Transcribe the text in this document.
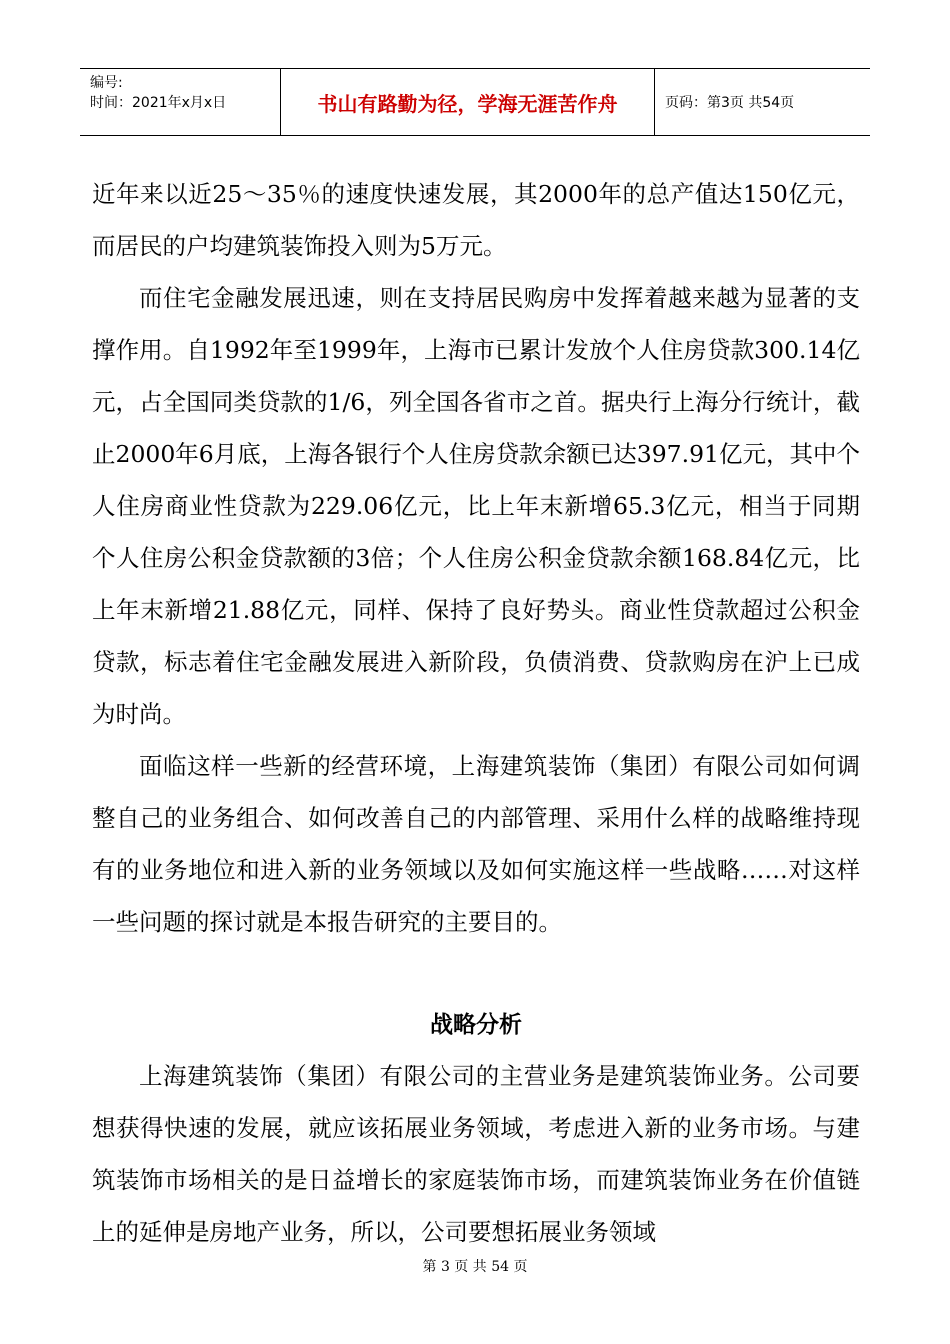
编号:
时间：2021年x月x日	书山有路勤为径，学海无涯苦作舟	页码：第3页 共54页

近年来以近25～35％的速度快速发展，其2000年的总产值达150亿元，而居民的户均建筑装饰投入则为5万元。

而住宅金融发展迅速，则在支持居民购房中发挥着越来越为显著的支撑作用。自1992年至1999年，上海市已累计发放个人住房贷款300.14亿元，占全国同类贷款的1/6，列全国各省市之首。据央行上海分行统计，截止2000年6月底，上海各银行个人住房贷款余额已达397.91亿元，其中个人住房商业性贷款为229.06亿元，比上年末新增65.3亿元，相当于同期个人住房公积金贷款额的3倍；个人住房公积金贷款余额168.84亿元，比上年末新增21.88亿元，同样、保持了良好势头。商业性贷款超过公积金贷款，标志着住宅金融发展进入新阶段，负债消费、贷款购房在沪上已成为时尚。

面临这样一些新的经营环境，上海建筑装饰（集团）有限公司如何调整自己的业务组合、如何改善自己的内部管理、采用什么样的战略维持现有的业务地位和进入新的业务领域以及如何实施这样一些战略……对这样一些问题的探讨就是本报告研究的主要目的。

战略分析

上海建筑装饰（集团）有限公司的主营业务是建筑装饰业务。公司要想获得快速的发展，就应该拓展业务领域，考虑进入新的业务市场。与建筑装饰市场相关的是日益增长的家庭装饰市场，而建筑装饰业务在价值链上的延伸是房地产业务，所以，公司要想拓展业务领域

第 3 页 共 54 页
